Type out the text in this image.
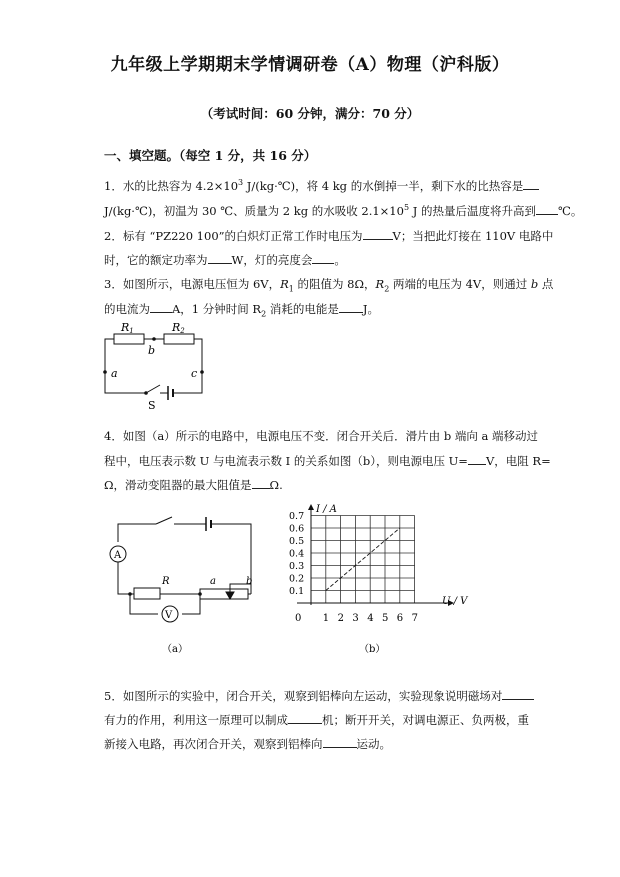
九年级上学期期末学情调研卷（A）物理（沪科版）
（考试时间：60 分钟，满分：70 分）
一、填空题。（每空 1 分，共 16 分）
1．水的比热容为 $4.2\times 10^3$ J/(kg·℃)，将 4 kg 的水倒掉一半，剩下水的比热容是
J/(kg·℃)，初温为 30 ℃、质量为 2 kg 的水吸收 $2.1\times 10^5$ J 的热量后温度将升高到 ℃。
2．标有 “PZ220 100”的白炽灯正常工作时电压为	V；当把此灯接在 110V 电路中
时，它的额定功率为 W，灯的亮度会 。
3．如图所示，电源电压恒为 6V，$R_1$ 的阻值为 8Ω，$R_2$ 两端的电压为 4V，则通过 b 点
的电流为 A，1 分钟时间 $R_2$ 消耗的电能是 J。
R1	R2
b
a	c
S
4．如图（a）所示的电路中，电源电压不变．闭合开关后．滑片由 b 端向 a 端移动过
程中，电压表示数 U 与电流表示数 I 的关系如图（b），则电源电压 U= V，电阻 R=
Ω，滑动变阻器的最大阻值是 Ω.
A
V
R	a	b
（a）
0.1
0.2
0.3
0.4
0.5
0.6
0.7
1 2 3 4 5 6 7
I / A
U / V
0
（b）
5．如图所示的实验中，闭合开关，观察到铝棒向左运动，实验现象说明磁场对
有力的作用，利用这一原理可以制成	机；断开开关，对调电源正、负两极，重
新接入电路，再次闭合开关，观察到铝棒向	运动。
